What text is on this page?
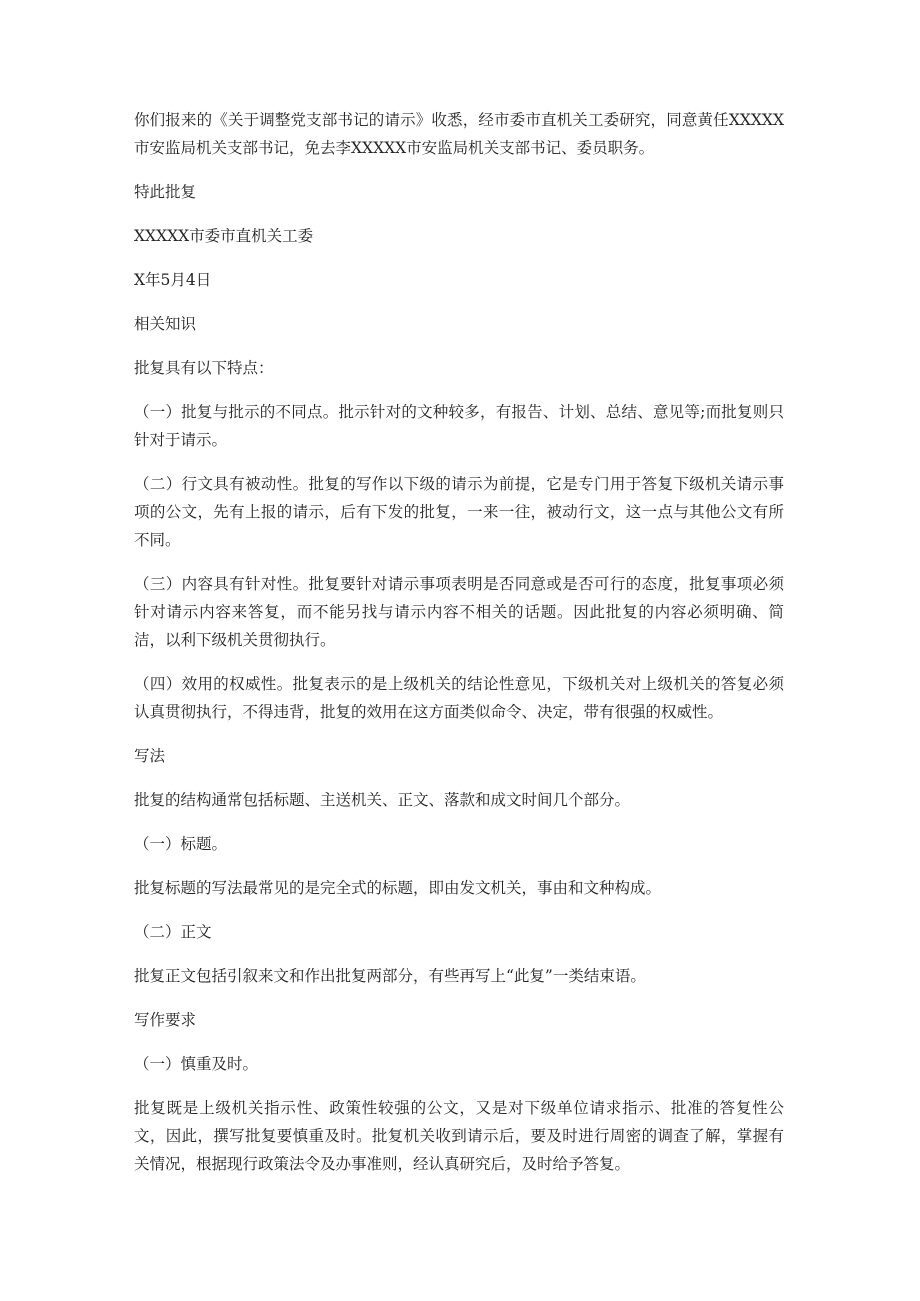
你们报来的《关于调整党支部书记的请示》收悉，经市委市直机关工委研究，同意黄任XXXXX市安监局机关支部书记，免去李XXXXX市安监局机关支部书记、委员职务。

特此批复

XXXXX市委市直机关工委

X年5月4日

相关知识

批复具有以下特点：

（一）批复与批示的不同点。批示针对的文种较多，有报告、计划、总结、意见等;而批复则只针对于请示。

（二）行文具有被动性。批复的写作以下级的请示为前提，它是专门用于答复下级机关请示事项的公文，先有上报的请示，后有下发的批复，一来一往，被动行文，这一点与其他公文有所不同。

（三）内容具有针对性。批复要针对请示事项表明是否同意或是否可行的态度，批复事项必须针对请示内容来答复，而不能另找与请示内容不相关的话题。因此批复的内容必须明确、简洁，以利下级机关贯彻执行。

（四）效用的权威性。批复表示的是上级机关的结论性意见，下级机关对上级机关的答复必须认真贯彻执行，不得违背，批复的效用在这方面类似命令、决定，带有很强的权威性。

写法

批复的结构通常包括标题、主送机关、正文、落款和成文时间几个部分。

（一）标题。

批复标题的写法最常见的是完全式的标题，即由发文机关，事由和文种构成。

（二）正文

批复正文包括引叙来文和作出批复两部分，有些再写上“此复”一类结束语。

写作要求

（一）慎重及时。

批复既是上级机关指示性、政策性较强的公文，又是对下级单位请求指示、批准的答复性公文，因此，撰写批复要慎重及时。批复机关收到请示后，要及时进行周密的调查了解，掌握有关情况，根据现行政策法令及办事准则，经认真研究后，及时给予答复。
